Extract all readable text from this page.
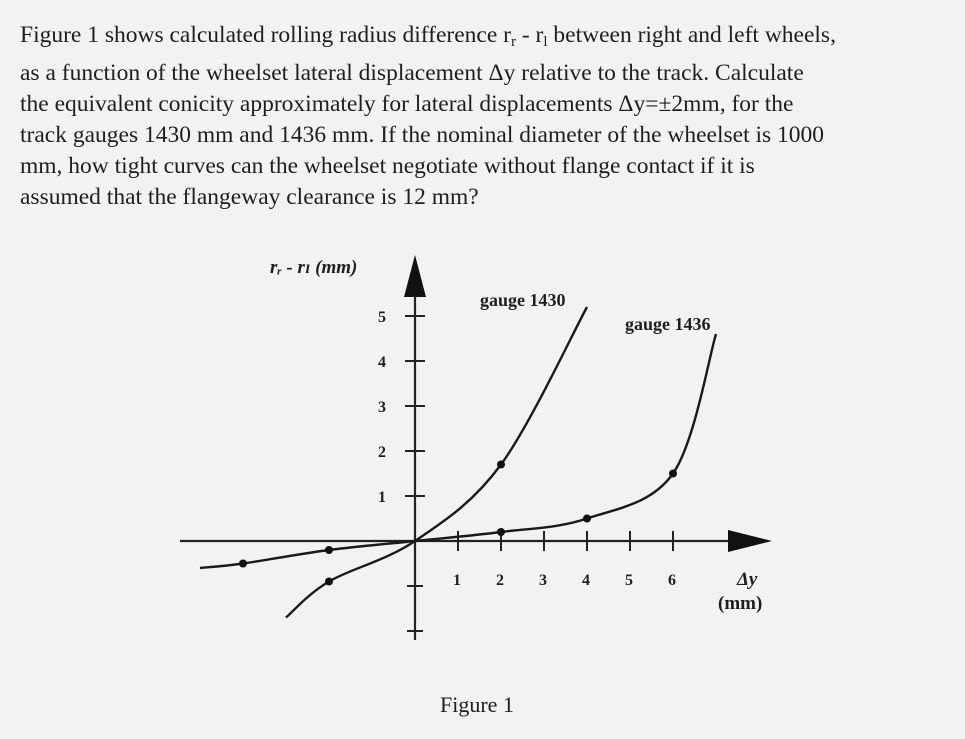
Figure 1 shows calculated rolling radius difference $r_r - r_l$ between right and left wheels,
as a function of the wheelset lateral displacement Δy relative to the track. Calculate
the equivalent conicity approximately for lateral displacements Δy=±2mm, for the
track gauges 1430 mm and 1436 mm. If the nominal diameter of the wheelset is 1000
mm, how tight curves can the wheelset negotiate without flange contact if it is
assumed that the flangeway clearance is 12 mm?
1
2
3
4
5
1 2 3 4 5 6
rᵣ - rₗ (mm)
gauge 1430
gauge 1436
Δy
(mm)
Figure 1
